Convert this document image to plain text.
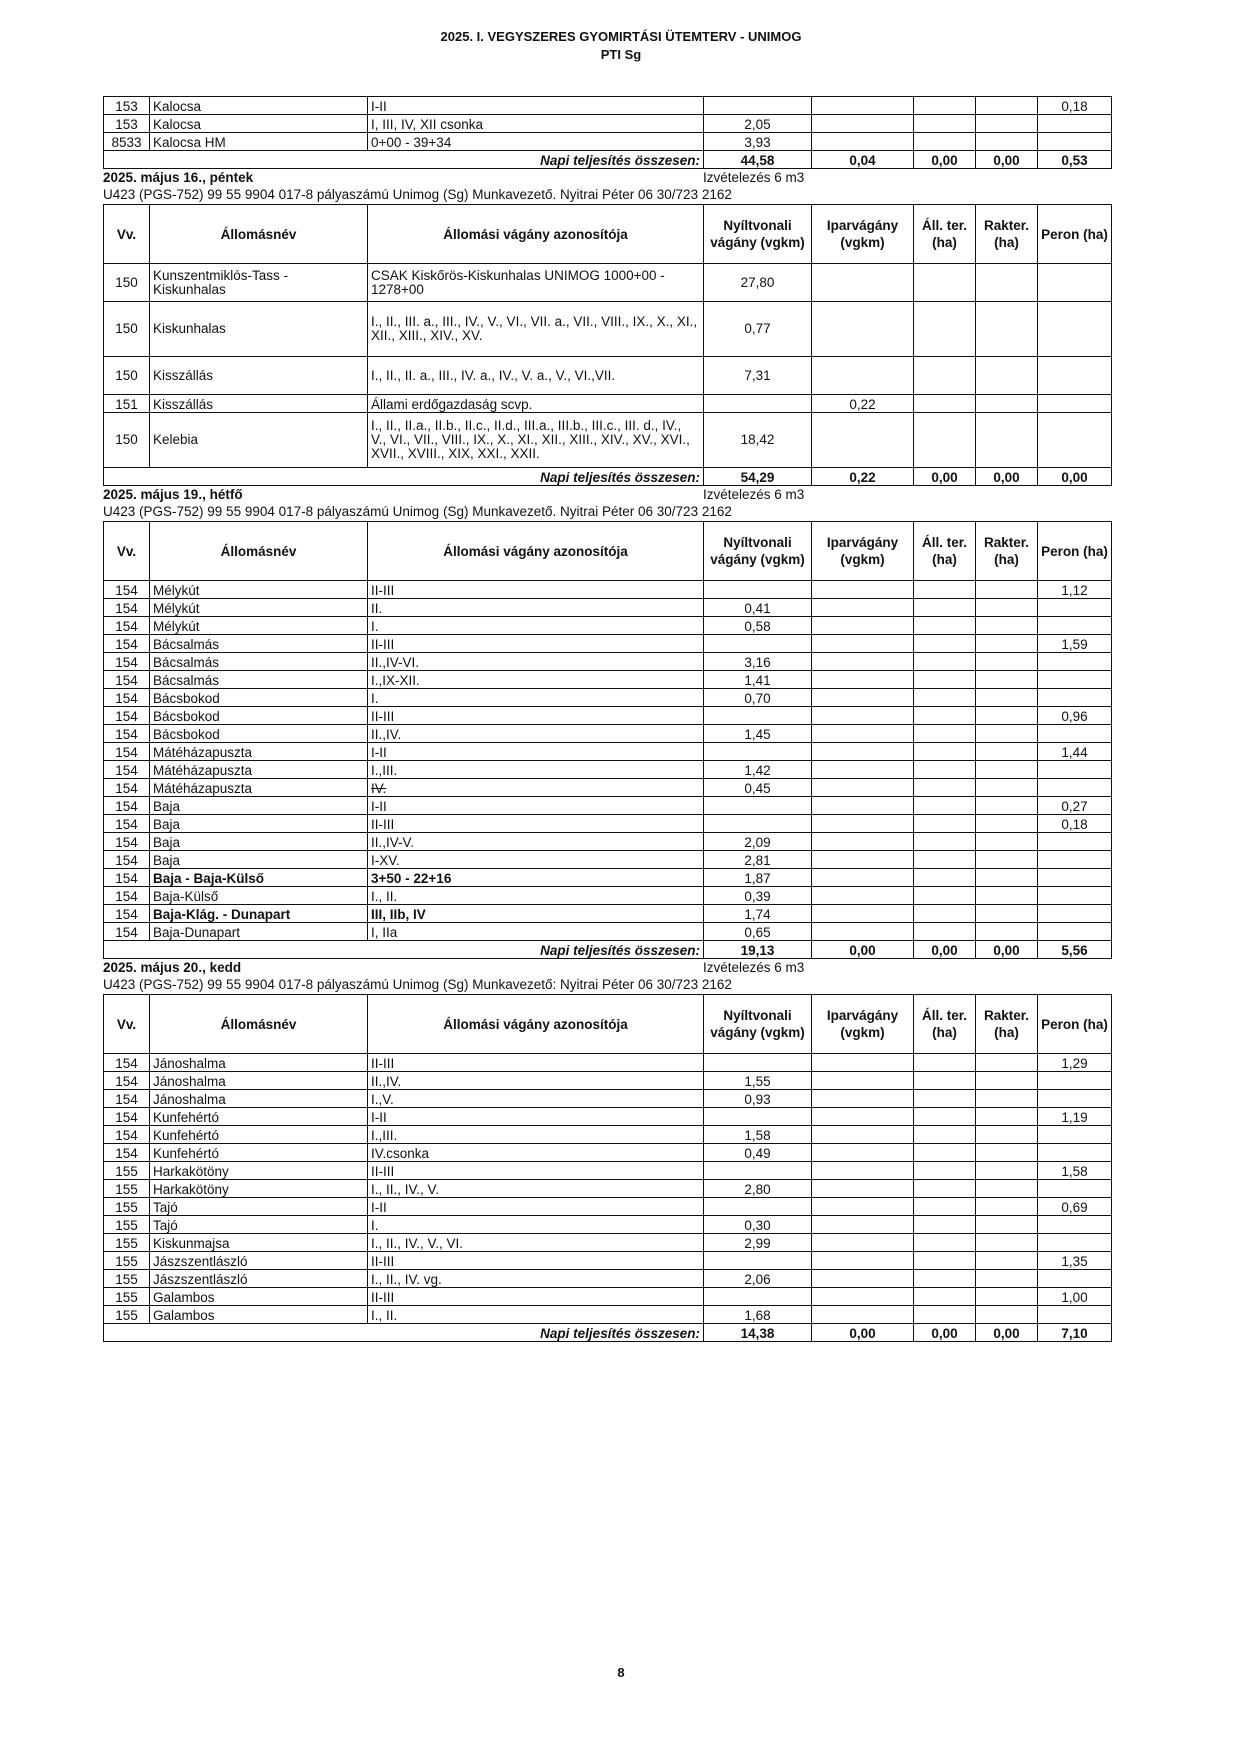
2025. I. VEGYSZERES GYOMIRTÁSI ÜTEMTERV - UNIMOG
PTI Sg
153	Kalocsa	I-II					0,18
153	Kalocsa	I, III, IV, XII csonka	2,05				
8533	Kalocsa HM	0+00 - 39+34	3,93				
		Napi teljesítés összesen:	44,58	0,04	0,00	0,00	0,53
2025. május 16., péntek	Izvételezés 6 m3
U423 (PGS-752) 99 55 9904 017-8 pályaszámú Unimog (Sg) Munkavezető. Nyitrai Péter 06 30/723 2162
Vv.	Állomásnév	Állomási vágány azonosítója	Nyíltvonali vágány (vgkm)	Iparvágány (vgkm)	Áll. ter. (ha)	Rakter. (ha)	Peron (ha)
150	Kunszentmiklós-Tass - Kiskunhalas	CSAK Kiskőrös-Kiskunhalas UNIMOG 1000+00 - 1278+00	27,80				
150	Kiskunhalas	I., II., III. a., III., IV., V., VI., VII. a., VII., VIII., IX., X., XI., XII., XIII., XIV., XV.	0,77				
150	Kisszállás	I., II., II. a., III., IV. a., IV., V. a., V., VI.,VII.	7,31				
151	Kisszállás	Állami erdőgazdaság scvp.		0,22			
150	Kelebia	I., II., II.a., II.b., II.c., II.d., III.a., III.b., III.c., III. d., IV., V., VI., VII., VIII., IX., X., XI., XII., XIII., XIV., XV., XVI., XVII., XVIII., XIX, XXI., XXII.	18,42				
		Napi teljesítés összesen:	54,29	0,22	0,00	0,00	0,00
2025. május 19., hétfő	Izvételezés 6 m3
U423 (PGS-752) 99 55 9904 017-8 pályaszámú Unimog (Sg) Munkavezető. Nyitrai Péter 06 30/723 2162
Vv.	Állomásnév	Állomási vágány azonosítója	Nyíltvonali vágány (vgkm)	Iparvágány (vgkm)	Áll. ter. (ha)	Rakter. (ha)	Peron (ha)
154	Mélykút	II-III					1,12
154	Mélykút	II.	0,41				
154	Mélykút	I.	0,58				
154	Bácsalmás	II-III					1,59
154	Bácsalmás	II.,IV-VI.	3,16				
154	Bácsalmás	I.,IX-XII.	1,41				
154	Bácsbokod	I.	0,70				
154	Bácsbokod	II-III					0,96
154	Bácsbokod	II.,IV.	1,45				
154	Mátéházapuszta	I-II					1,44
154	Mátéházapuszta	I.,III.	1,42				
154	Mátéházapuszta	IV.	0,45				
154	Baja	I-II					0,27
154	Baja	II-III					0,18
154	Baja	II.,IV-V.	2,09				
154	Baja	I-XV.	2,81				
154	Baja - Baja-Külső	3+50 - 22+16	1,87				
154	Baja-Külső	I., II.	0,39				
154	Baja-Klág. - Dunapart	III, IIb, IV	1,74				
154	Baja-Dunapart	I, IIa	0,65				
		Napi teljesítés összesen:	19,13	0,00	0,00	0,00	5,56
2025. május 20., kedd	Izvételezés 6 m3
U423 (PGS-752) 99 55 9904 017-8 pályaszámú Unimog (Sg) Munkavezető: Nyitrai Péter 06 30/723 2162
Vv.	Állomásnév	Állomási vágány azonosítója	Nyíltvonali vágány (vgkm)	Iparvágány (vgkm)	Áll. ter. (ha)	Rakter. (ha)	Peron (ha)
154	Jánoshalma	II-III					1,29
154	Jánoshalma	II.,IV.	1,55				
154	Jánoshalma	I.,V.	0,93				
154	Kunfehértó	I-II					1,19
154	Kunfehértó	I.,III.	1,58				
154	Kunfehértó	IV.csonka	0,49				
155	Harkakötöny	II-III					1,58
155	Harkakötöny	I., II., IV., V.	2,80				
155	Tajó	I-II					0,69
155	Tajó	I.	0,30				
155	Kiskunmajsa	I., II., IV., V., VI.	2,99				
155	Jászszentlászló	II-III					1,35
155	Jászszentlászló	I., II., IV. vg.	2,06				
155	Galambos	II-III					1,00
155	Galambos	I., II.	1,68				
		Napi teljesítés összesen:	14,38	0,00	0,00	0,00	7,10
8
